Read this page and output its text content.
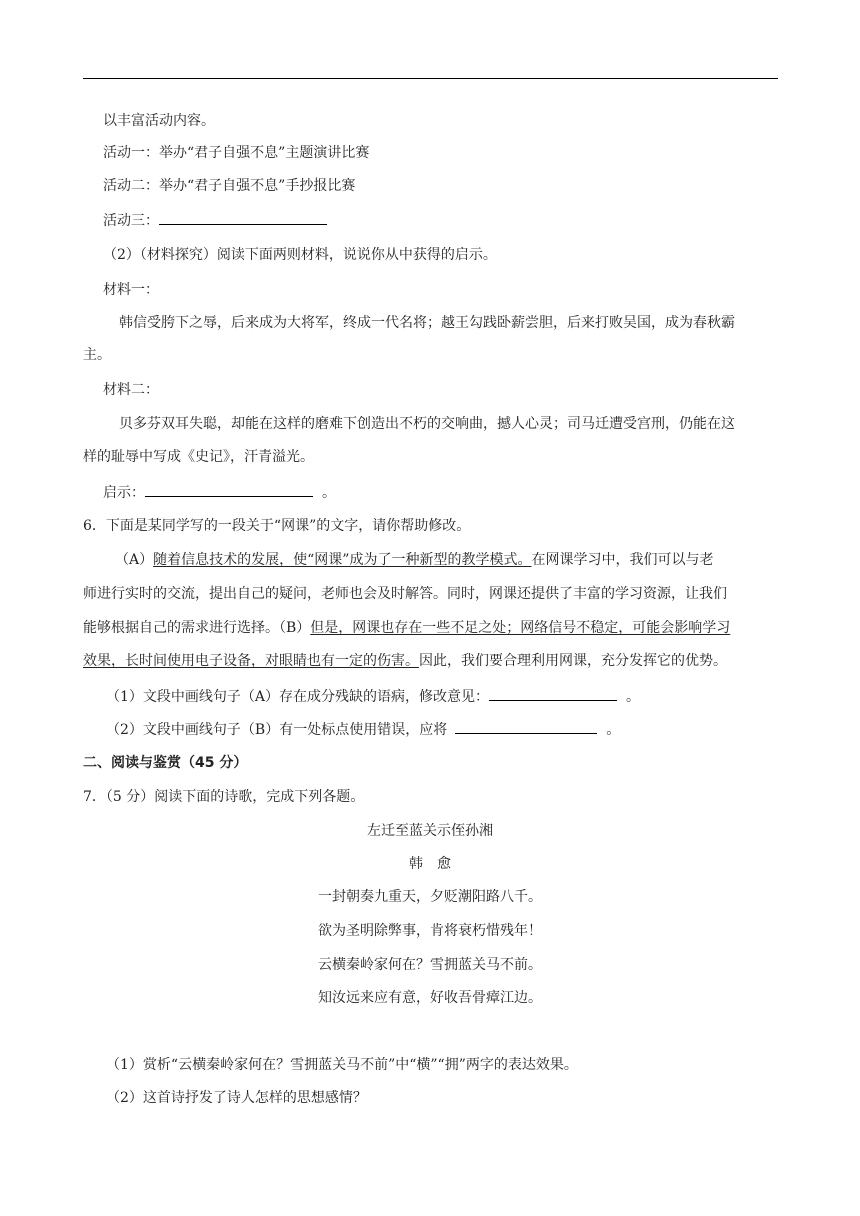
以丰富活动内容。
活动一：举办“君子自强不息”主题演讲比赛
活动二：举办“君子自强不息”手抄报比赛
活动三：
（2）（材料探究）阅读下面两则材料，说说你从中获得的启示。
材料一：
韩信受胯下之辱，后来成为大将军，终成一代名将；越王勾践卧薪尝胆，后来打败吴国，成为春秋霸
主。
材料二：
贝多芬双耳失聪，却能在这样的磨难下创造出不朽的交响曲，撼人心灵；司马迁遭受宫刑，仍能在这
样的耻辱中写成《史记》，汗青溢光。
启示：	。
6．下面是某同学写的一段关于“网课”的文字，请你帮助修改。
（A）随着信息技术的发展，使“网课”成为了一种新型的教学模式。在网课学习中，我们可以与老
师进行实时的交流，提出自己的疑问，老师也会及时解答。同时，网课还提供了丰富的学习资源，让我们
能够根据自己的需求进行选择。（B）但是，网课也存在一些不足之处；网络信号不稳定，可能会影响学习
效果，长时间使用电子设备，对眼睛也有一定的伤害。因此，我们要合理利用网课，充分发挥它的优势。
（1）文段中画线句子（A）存在成分残缺的语病，修改意见：	。
（2）文段中画线句子（B）有一处标点使用错误，应将	。
二、阅读与鉴赏（45 分）
7．（5 分）阅读下面的诗歌，完成下列各题。
左迁至蓝关示侄孙湘
韩　愈
一封朝奏九重天，夕贬潮阳路八千。
欲为圣明除弊事，肯将衰朽惜残年！
云横秦岭家何在？雪拥蓝关马不前。
知汝远来应有意，好收吾骨瘴江边。
（1）赏析“云横秦岭家何在？雪拥蓝关马不前”中“横”“拥”两字的表达效果。
（2）这首诗抒发了诗人怎样的思想感情？
